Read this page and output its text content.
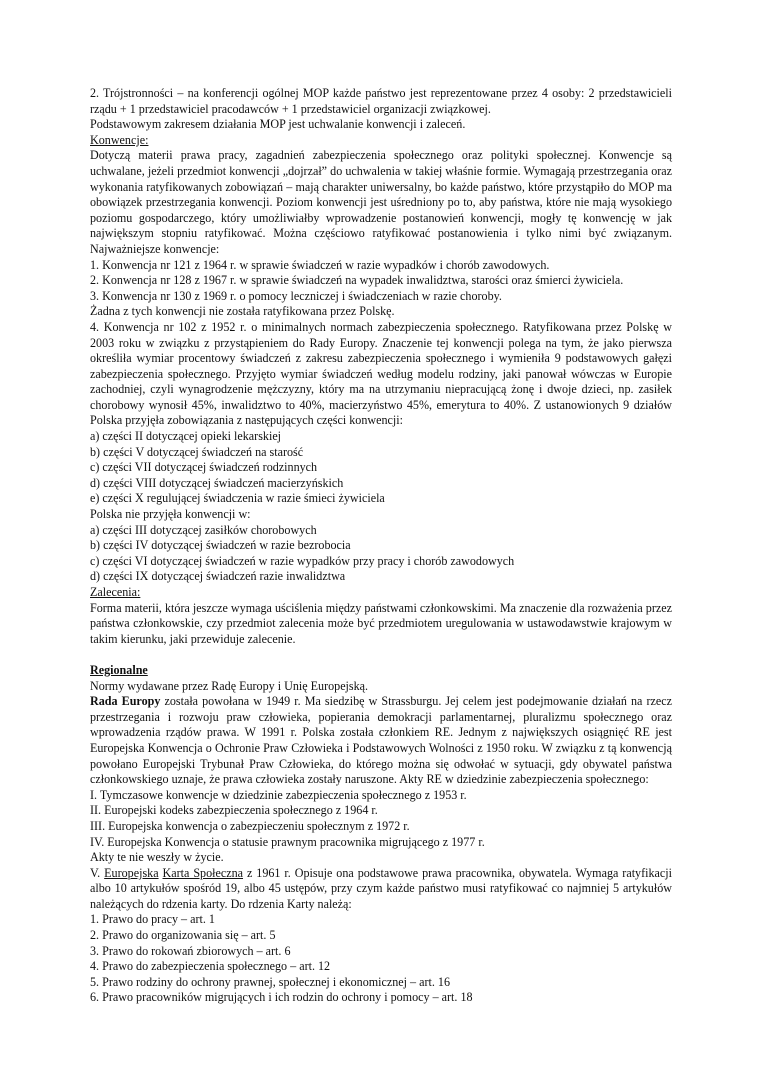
2. Trójstronności – na konferencji ogólnej MOP każde państwo jest reprezentowane przez 4 osoby: 2 przedstawicieli rządu + 1 przedstawiciel pracodawców + 1 przedstawiciel organizacji związkowej.

Podstawowym zakresem działania MOP jest uchwalanie konwencji i zaleceń.

Konwencje:

Dotyczą materii prawa pracy, zagadnień zabezpieczenia społecznego oraz polityki społecznej. Konwencje są uchwalane, jeżeli przedmiot konwencji „dojrzał” do uchwalenia w takiej właśnie formie. Wymagają przestrzegania oraz wykonania ratyfikowanych zobowiązań – mają charakter uniwersalny, bo każde państwo, które przystąpiło do MOP ma obowiązek przestrzegania konwencji. Poziom konwencji jest uśredniony po to, aby państwa, które nie mają wysokiego poziomu gospodarczego, który umożliwiałby wprowadzenie postanowień konwencji, mogły tę konwencję w jak największym stopniu ratyfikować. Można częściowo ratyfikować postanowienia i tylko nimi być związanym. Najważniejsze konwencje:

1. Konwencja nr 121 z 1964 r. w sprawie świadczeń w razie wypadków i chorób zawodowych.

2. Konwencja nr 128 z 1967 r. w sprawie świadczeń na wypadek inwalidztwa, starości oraz śmierci żywiciela.

3. Konwencja nr 130 z 1969 r. o pomocy leczniczej i świadczeniach w razie choroby.

Żadna z tych konwencji nie została ratyfikowana przez Polskę.

4. Konwencja nr 102 z 1952 r. o minimalnych normach zabezpieczenia społecznego. Ratyfikowana przez Polskę w 2003 roku w związku z przystąpieniem do Rady Europy. Znaczenie tej konwencji polega na tym, że jako pierwsza określiła wymiar procentowy świadczeń z zakresu zabezpieczenia społecznego i wymieniła 9 podstawowych gałęzi zabezpieczenia społecznego. Przyjęto wymiar świadczeń według modelu rodziny, jaki panował wówczas w Europie zachodniej, czyli wynagrodzenie mężczyzny, który ma na utrzymaniu niepracującą żonę i dwoje dzieci, np. zasiłek chorobowy wynosił 45%, inwalidztwo to 40%, macierzyństwo 45%, emerytura to 40%. Z ustanowionych 9 działów Polska przyjęła zobowiązania z następujących części konwencji:

a) części II dotyczącej opieki lekarskiej

b) części V dotyczącej świadczeń na starość

c) części VII dotyczącej świadczeń rodzinnych

d) części VIII dotyczącej świadczeń macierzyńskich

e) części X regulującej świadczenia w razie śmieci żywiciela

Polska nie przyjęła konwencji w:

a) części III dotyczącej zasiłków chorobowych

b) części IV dotyczącej świadczeń w razie bezrobocia

c) części VI dotyczącej świadczeń w razie wypadków przy pracy i chorób zawodowych

d) części IX dotyczącej świadczeń razie inwalidztwa

Zalecenia:

Forma materii, która jeszcze wymaga uściślenia między państwami członkowskimi. Ma znaczenie dla rozważenia przez państwa członkowskie, czy przedmiot zalecenia może być przedmiotem uregulowania w ustawodawstwie krajowym w takim kierunku, jaki przewiduje zalecenie.

Regionalne

Normy wydawane przez Radę Europy i Unię Europejską.

Rada Europy została powołana w 1949 r. Ma siedzibę w Strassburgu. Jej celem jest podejmowanie działań na rzecz przestrzegania i rozwoju praw człowieka, popierania demokracji parlamentarnej, pluralizmu społecznego oraz wprowadzenia rządów prawa. W 1991 r. Polska została członkiem RE. Jednym z największych osiągnięć RE jest Europejska Konwencja o Ochronie Praw Człowieka i Podstawowych Wolności z 1950 roku. W związku z tą konwencją powołano Europejski Trybunał Praw Człowieka, do którego można się odwołać w sytuacji, gdy obywatel państwa członkowskiego uznaje, że prawa człowieka zostały naruszone. Akty RE w dziedzinie zabezpieczenia społecznego:

I. Tymczasowe konwencje w dziedzinie zabezpieczenia społecznego z 1953 r.

II. Europejski kodeks zabezpieczenia społecznego z 1964 r.

III. Europejska konwencja o zabezpieczeniu społecznym z 1972 r.

IV. Europejska Konwencja o statusie prawnym pracownika migrującego z 1977 r.

Akty te nie weszły w życie.

V. Europejska Karta Społeczna z 1961 r. Opisuje ona podstawowe prawa pracownika, obywatela. Wymaga ratyfikacji albo 10 artykułów spośród 19, albo 45 ustępów, przy czym każde państwo musi ratyfikować co najmniej 5 artykułów należących do rdzenia karty. Do rdzenia Karty należą:

1. Prawo do pracy – art. 1

2. Prawo do organizowania się – art. 5

3. Prawo do rokowań zbiorowych – art. 6

4. Prawo do zabezpieczenia społecznego – art. 12

5. Prawo rodziny do ochrony prawnej, społecznej i ekonomicznej – art. 16

6. Prawo pracowników migrujących i ich rodzin do ochrony i pomocy – art. 18
